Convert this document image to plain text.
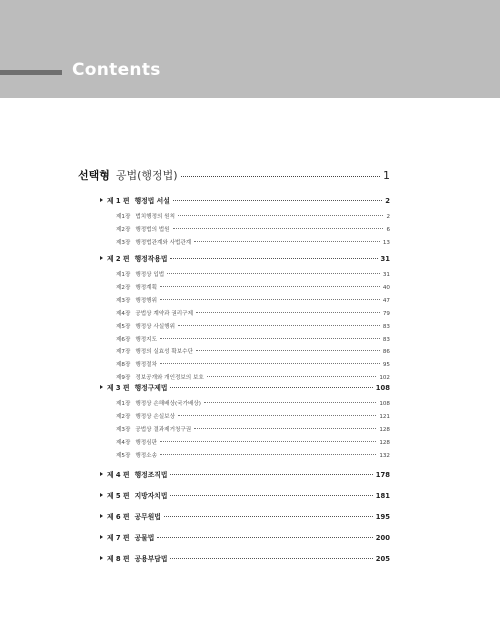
Contents
선택형 공법(행정법)	1
제 1 편 행정법 서설	2
제1장 법치행정의 원칙	2
제2장 행정법의 법원	6
제3장 행정법관계와 사법관계	13
제 2 편 행정작용법	31
제1장 행정상 입법	31
제2장 행정계획	40
제3장 행정행위	47
제4장 공법상 계약과 권리구제	79
제5장 행정상 사실행위	83
제6장 행정지도	83
제7장 행정의 실효성 확보수단	86
제8장 행정절차	95
제9장 정보공개와 개인정보의 보호	102
제 3 편 행정구제법	108
제1장 행정상 손해배상(국가배상)	108
제2장 행정상 손실보상	121
제3장 공법상 결과제거청구권	128
제4장 행정심판	128
제5장 행정소송	132
제 4 편 행정조직법	178
제 5 편 지방자치법	181
제 6 편 공무원법	195
제 7 편 공물법	200
제 8 편 공용부담법	205
